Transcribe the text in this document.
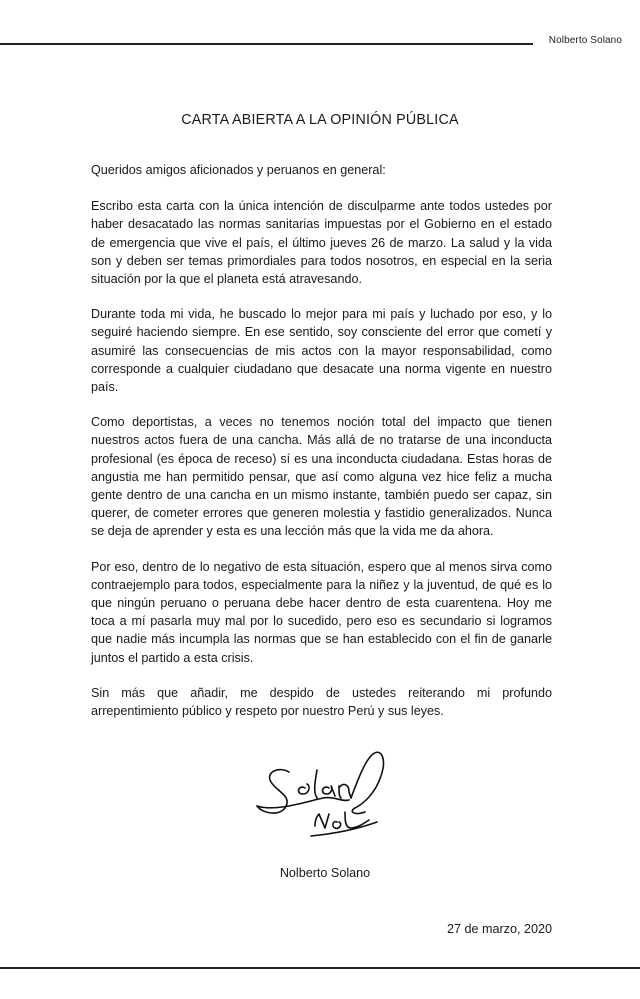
Nolberto Solano
CARTA ABIERTA A LA OPINIÓN PÚBLICA
Queridos amigos aficionados y peruanos en general:
Escribo esta carta con la única intención de disculparme ante todos ustedes por haber desacatado las normas sanitarias impuestas por el Gobierno en el estado de emergencia que vive el país, el último jueves 26 de marzo. La salud y la vida son y deben ser temas primordiales para todos nosotros, en especial en la seria situación por la que el planeta está atravesando.
Durante toda mi vida, he buscado lo mejor para mi país y luchado por eso, y lo seguiré haciendo siempre. En ese sentido, soy consciente del error que cometí y asumiré las consecuencias de mis actos con la mayor responsabilidad, como corresponde a cualquier ciudadano que desacate una norma vigente en nuestro país.
Como deportistas, a veces no tenemos noción total del impacto que tienen nuestros actos fuera de una cancha. Más allá de no tratarse de una inconducta profesional (es época de receso) sí es una inconducta ciudadana. Estas horas de angustia me han permitido pensar, que así como alguna vez hice feliz a mucha gente dentro de una cancha en un mismo instante, también puedo ser capaz, sin querer, de cometer errores que generen molestia y fastidio generalizados. Nunca se deja de aprender y esta es una lección más que la vida me da ahora.
Por eso, dentro de lo negativo de esta situación, espero que al menos sirva como contraejemplo para todos, especialmente para la niñez y la juventud, de qué es lo que ningún peruano o peruana debe hacer dentro de esta cuarentena. Hoy me toca a mí pasarla muy mal por lo sucedido, pero eso es secundario si logramos que nadie más incumpla las normas que se han establecido con el fin de ganarle juntos el partido a esta crisis.
Sin más que añadir, me despido de ustedes reiterando mi profundo arrepentimiento público y respeto por nuestro Perú y sus leyes.
Nolberto Solano
27 de marzo, 2020
